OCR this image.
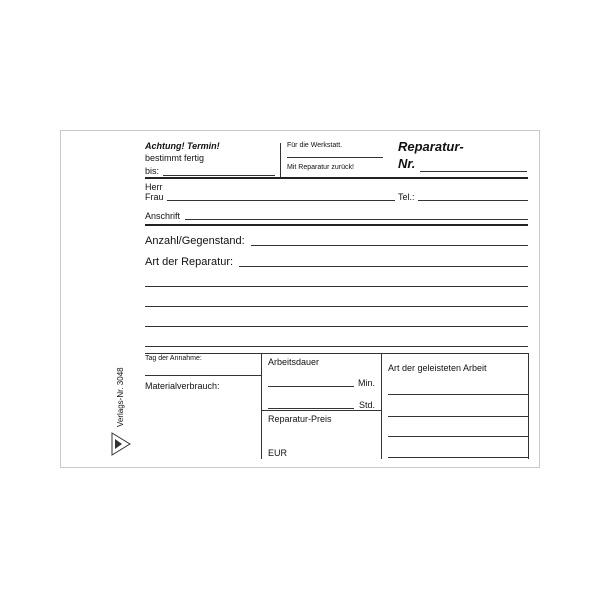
Achtung! Termin!
bestimmt fertig
bis:
Für die Werkstatt.
Mit Reparatur zurück!
Reparatur-
Nr.
Herr
Frau	Tel.:
Anschrift
Anzahl/Gegenstand:
Art der Reparatur:
Tag der Annahme:
Materialverbrauch:
Arbeitsdauer
Min.
Std.
Reparatur-Preis
EUR
Art der geleisteten Arbeit
Verlags-Nr. 3048
